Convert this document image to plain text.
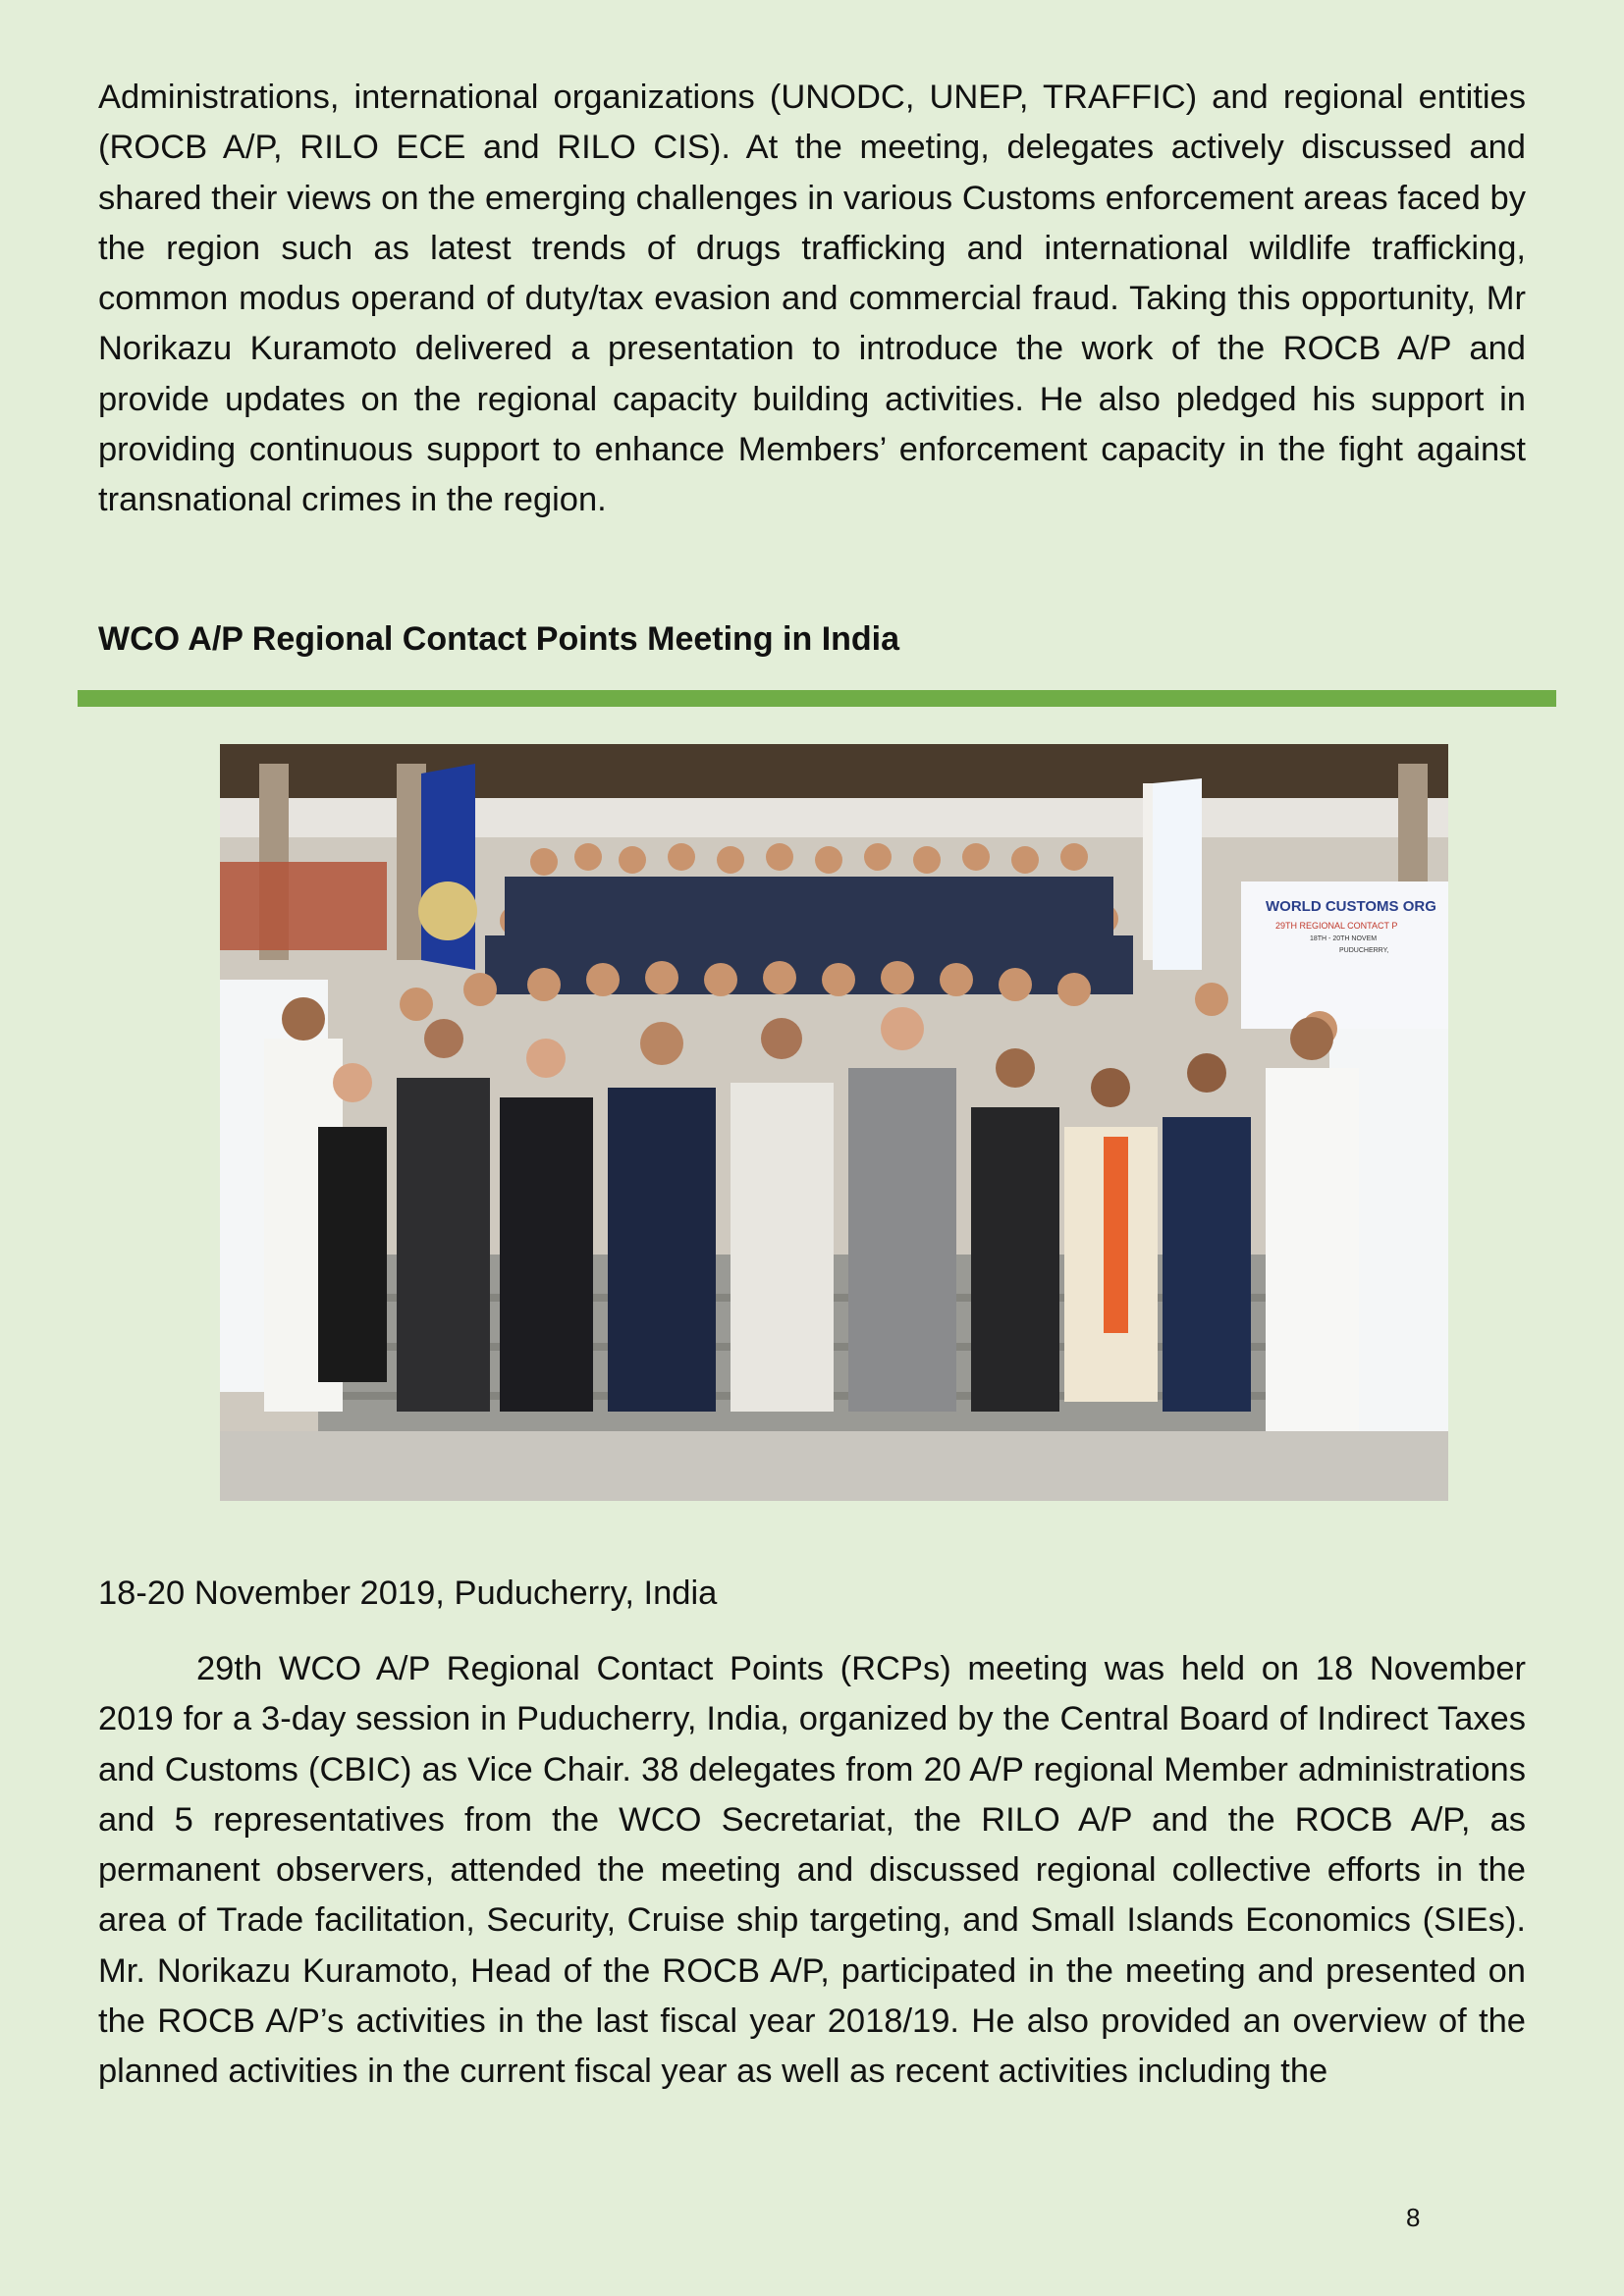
Administrations, international organizations (UNODC, UNEP, TRAFFIC) and regional entities (ROCB A/P, RILO ECE and RILO CIS). At the meeting, delegates actively discussed and shared their views on the emerging challenges in various Customs enforcement areas faced by the region such as latest trends of drugs trafficking and international wildlife trafficking, common modus operand of duty/tax evasion and commercial fraud. Taking this opportunity, Mr Norikazu Kuramoto delivered a presentation to introduce the work of the ROCB A/P and provide updates on the regional capacity building activities. He also pledged his support in providing continuous support to enhance Members’ enforcement capacity in the fight against transnational crimes in the region.

WCO A/P Regional Contact Points Meeting in India
WORLD CUSTOMS ORG
29TH REGIONAL CONTACT P
18TH - 20TH NOVEM
PUDUCHERRY,

18-20 November 2019, Puducherry, India

29th WCO A/P Regional Contact Points (RCPs) meeting was held on 18 November 2019 for a 3-day session in Puducherry, India, organized by the Central Board of Indirect Taxes and Customs (CBIC) as Vice Chair. 38 delegates from 20 A/P regional Member administrations and 5 representatives from the WCO Secretariat, the RILO A/P and the ROCB A/P, as permanent observers, attended the meeting and discussed regional collective efforts in the area of Trade facilitation, Security, Cruise ship targeting, and Small Islands Economics (SIEs). Mr. Norikazu Kuramoto, Head of the ROCB A/P, participated in the meeting and presented on the ROCB A/P’s activities in the last fiscal year 2018/19. He also provided an overview of the planned activities in the current fiscal year as well as recent activities including the

8
